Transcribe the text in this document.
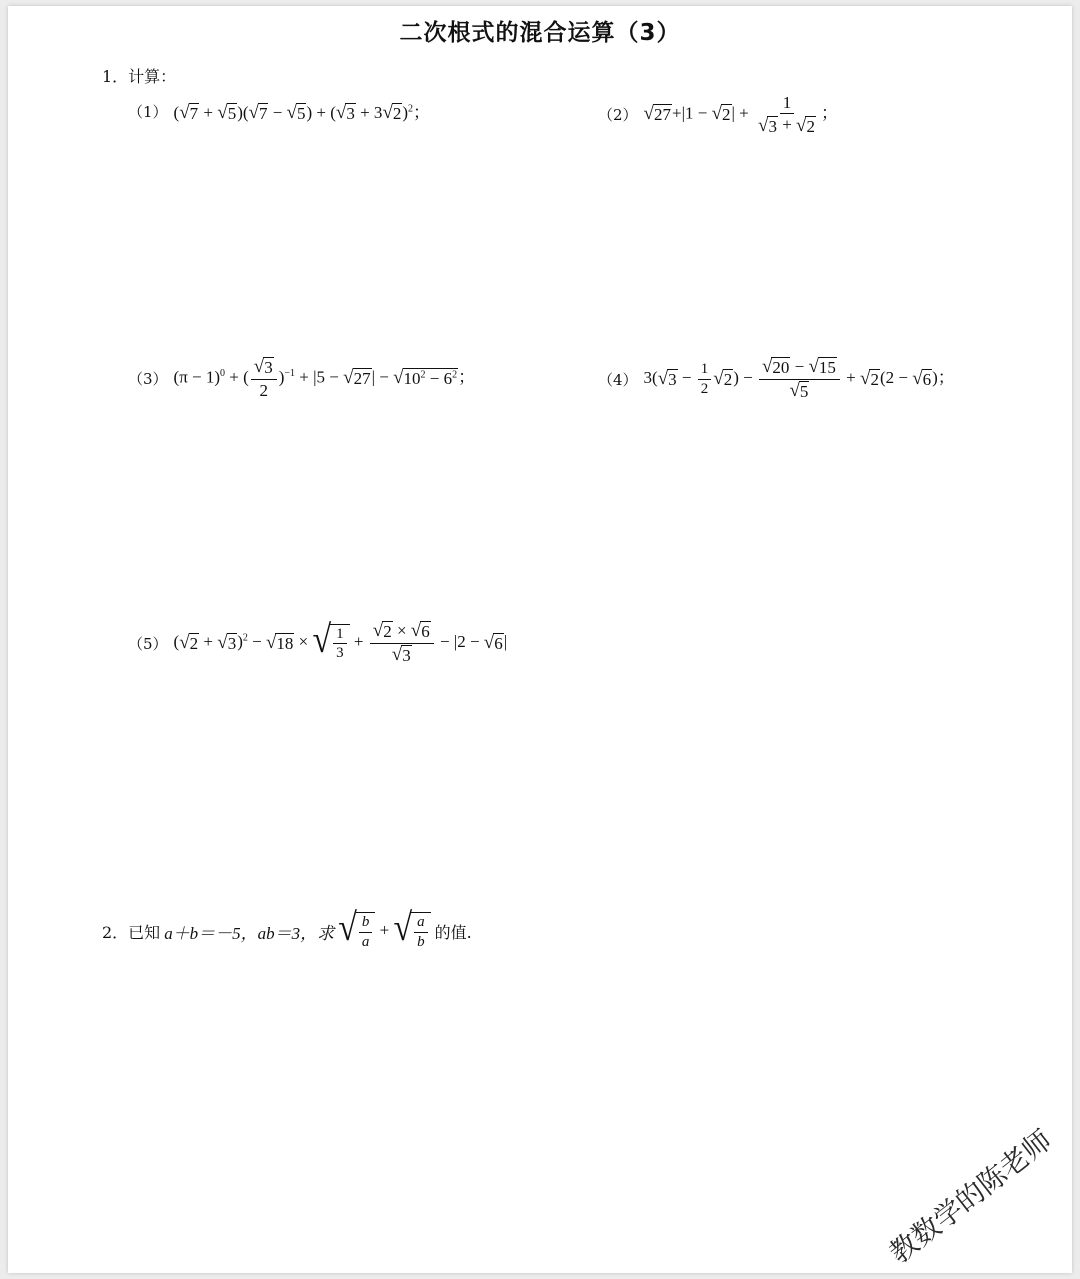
二次根式的混合运算（3）
1．计算：
（1） ( √ 7 + √ 5 )( √ 7 − √ 5 ) + ( √ 3 + 3 √ 2 )$^2$；	（2） √ 27 +|1 − √ 2 | + $\frac{1}{√ 3 + √ 2}$ ；
（3） $(\pi - 1)^0$ + ( $\frac{√ 3}{2} )^{-1} + |5$ − √ 27 | − √ $10^2 - 6^2$ ；	（4） 3( √ $3 - \frac{1}{2}$ √ 2 ) − $\frac{√ 20 - √ 15}{√ 5}$ + √ 2 (2 − √ 6 )；
（5） ( √ 2 + √ 3 )$^2$ − √ 18 × √ $\frac{1}{3} + \frac{√ 2 \times √ 6}{√ 3} - |2$ − √ 6 |
2．已知 a＋b＝－5，ab＝3，求 √ $\frac{b}{a}$ + √ $\frac{a}{b}$ 的值.
教数学的陈老师
